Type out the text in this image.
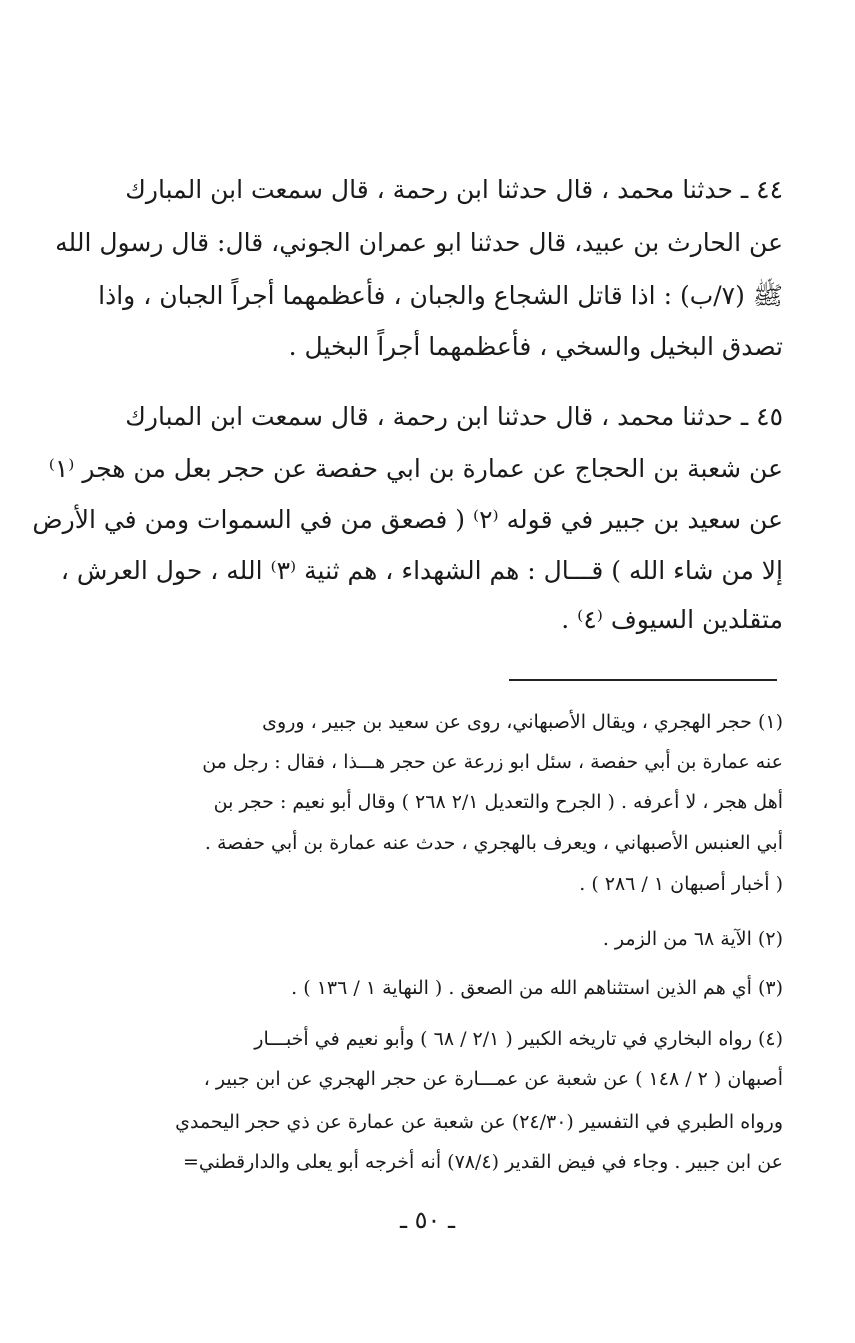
٤٤ ـ حدثنا محمد ، قال حدثنا ابن رحمة ، قال سمعت ابن المبارك
عن الحارث بن عبيد، قال حدثنا ابو عمران الجوني، قال: قال رسول الله
ﷺ (٧/ب) : اذا قاتل الشجاع والجبان ، فأعظمهما أجراً الجبان ، واذا
تصدق البخيل والسخي ، فأعظمهما أجراً البخيل .
٤٥ ـ حدثنا محمد ، قال حدثنا ابن رحمة ، قال سمعت ابن المبارك
عن شعبة بن الحجاج عن عمارة بن ابي حفصة عن حجر بعل من هجر ⁽١⁾
عن سعيد بن جبير في قوله ⁽٢⁾ ( فصعق من في السموات ومن في الأرض
إلا من شاء الله ) قـــال : هم الشهداء ، هم ثنية ⁽٣⁾ الله ، حول العرش ،
متقلدين السيوف ⁽٤⁾ .
(١) حجر الهجري ، ويقال الأصبهاني، روى عن سعيد بن جبير ، وروى
عنه عمارة بن أبي حفصة ، سئل ابو زرعة عن حجر هـــذا ، فقال : رجل من
أهل هجر ، لا أعرفه . ( الجرح والتعديل ٢/١ ٢٦٨ ) وقال أبو نعيم : حجر بن
أبي العنبس الأصبهاني ، ويعرف بالهجري ، حدث عنه عمارة بن أبي حفصة .
( أخبار أصبهان ١ / ٢٨٦ ) .
(٢) الآية ٦٨ من الزمر .
(٣) أي هم الذين استثناهم الله من الصعق . ( النهاية ١ / ١٣٦ ) .
(٤) رواه البخاري في تاريخه الكبير ( ٢/١ / ٦٨ ) وأبو نعيم في أخبـــار
أصبهان ( ٢ / ١٤٨ ) عن شعبة عن عمـــارة عن حجر الهجري عن ابن جبير ،
ورواه الطبري في التفسير (٢٤/٣٠) عن شعبة عن عمارة عن ذي حجر اليحمدي
عن ابن جبير . وجاء في فيض القدير (٧٨/٤) أنه أخرجه أبو يعلى والدارقطني=
ـ ٥٠ ـ
